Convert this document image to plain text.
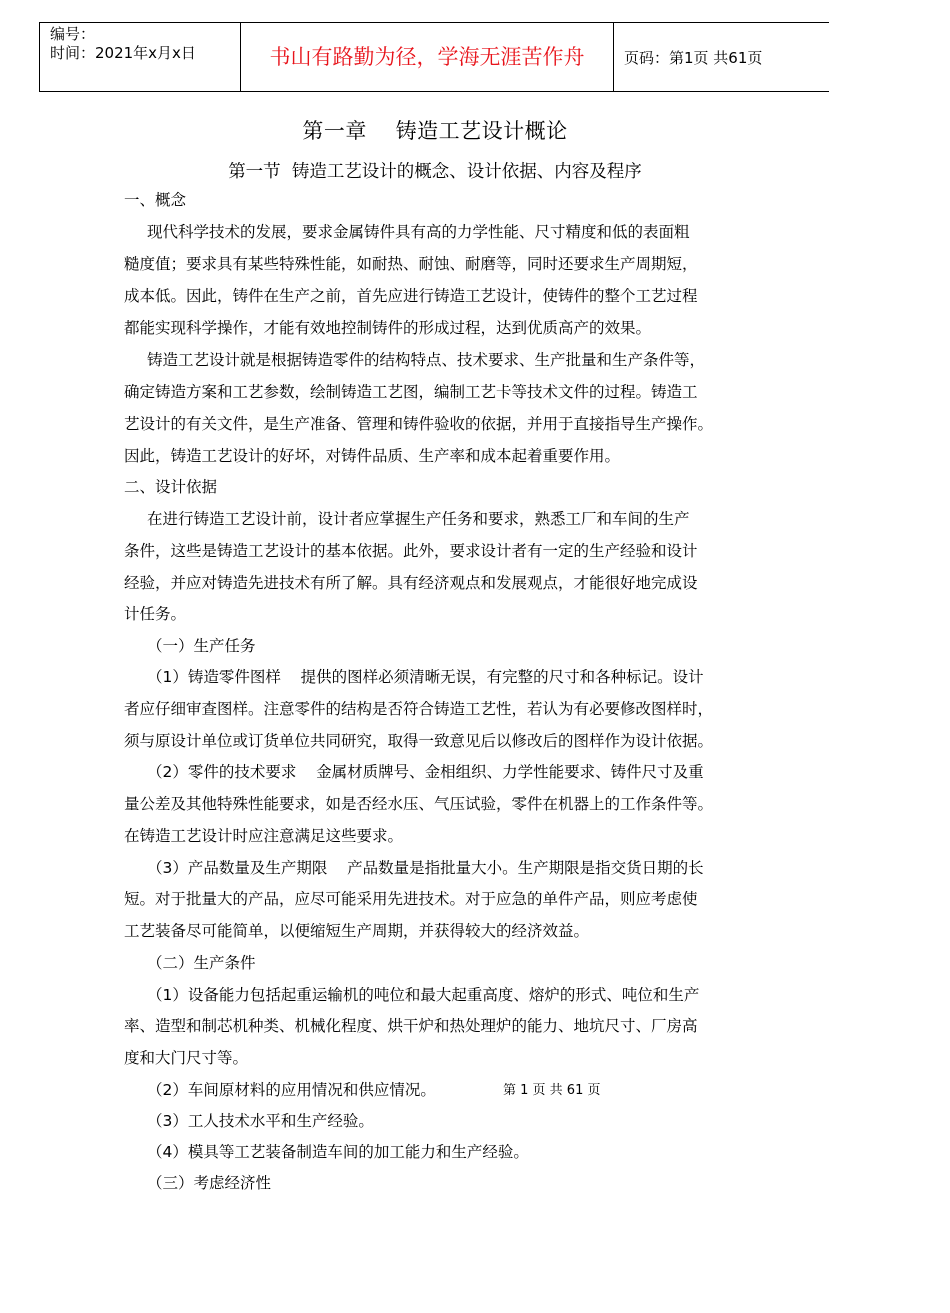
编号：
时间：2021年x月x日	书山有路勤为径，学海无涯苦作舟	页码：第1页 共61页
第一章    铸造工艺设计概论
第一节  铸造工艺设计的概念、设计依据、内容及程序
一、概念
现代科学技术的发展，要求金属铸件具有高的力学性能、尺寸精度和低的表面粗
糙度值；要求具有某些特殊性能，如耐热、耐蚀、耐磨等，同时还要求生产周期短，
成本低。因此，铸件在生产之前，首先应进行铸造工艺设计，使铸件的整个工艺过程
都能实现科学操作，才能有效地控制铸件的形成过程，达到优质高产的效果。
铸造工艺设计就是根据铸造零件的结构特点、技术要求、生产批量和生产条件等，
确定铸造方案和工艺参数，绘制铸造工艺图，编制工艺卡等技术文件的过程。铸造工
艺设计的有关文件，是生产准备、管理和铸件验收的依据，并用于直接指导生产操作。
因此，铸造工艺设计的好坏，对铸件品质、生产率和成本起着重要作用。
二、设计依据
在进行铸造工艺设计前，设计者应掌握生产任务和要求，熟悉工厂和车间的生产
条件，这些是铸造工艺设计的基本依据。此外，要求设计者有一定的生产经验和设计
经验，并应对铸造先进技术有所了解。具有经济观点和发展观点，才能很好地完成设
计任务。
（一）生产任务
（1）铸造零件图样    提供的图样必须清晰无误，有完整的尺寸和各种标记。设计
者应仔细审查图样。注意零件的结构是否符合铸造工艺性，若认为有必要修改图样时，
须与原设计单位或订货单位共同研究，取得一致意见后以修改后的图样作为设计依据。
（2）零件的技术要求    金属材质牌号、金相组织、力学性能要求、铸件尺寸及重
量公差及其他特殊性能要求，如是否经水压、气压试验，零件在机器上的工作条件等。
在铸造工艺设计时应注意满足这些要求。
（3）产品数量及生产期限    产品数量是指批量大小。生产期限是指交货日期的长
短。对于批量大的产品，应尽可能采用先进技术。对于应急的单件产品，则应考虑使
工艺装备尽可能简单，以便缩短生产周期，并获得较大的经济效益。
（二）生产条件
（1）设备能力包括起重运输机的吨位和最大起重高度、熔炉的形式、吨位和生产
率、造型和制芯机种类、机械化程度、烘干炉和热处理炉的能力、地坑尺寸、厂房高
度和大门尺寸等。
（2）车间原材料的应用情况和供应情况。
（3）工人技术水平和生产经验。
（4）模具等工艺装备制造车间的加工能力和生产经验。
（三）考虑经济性
第 1 页 共 61 页
